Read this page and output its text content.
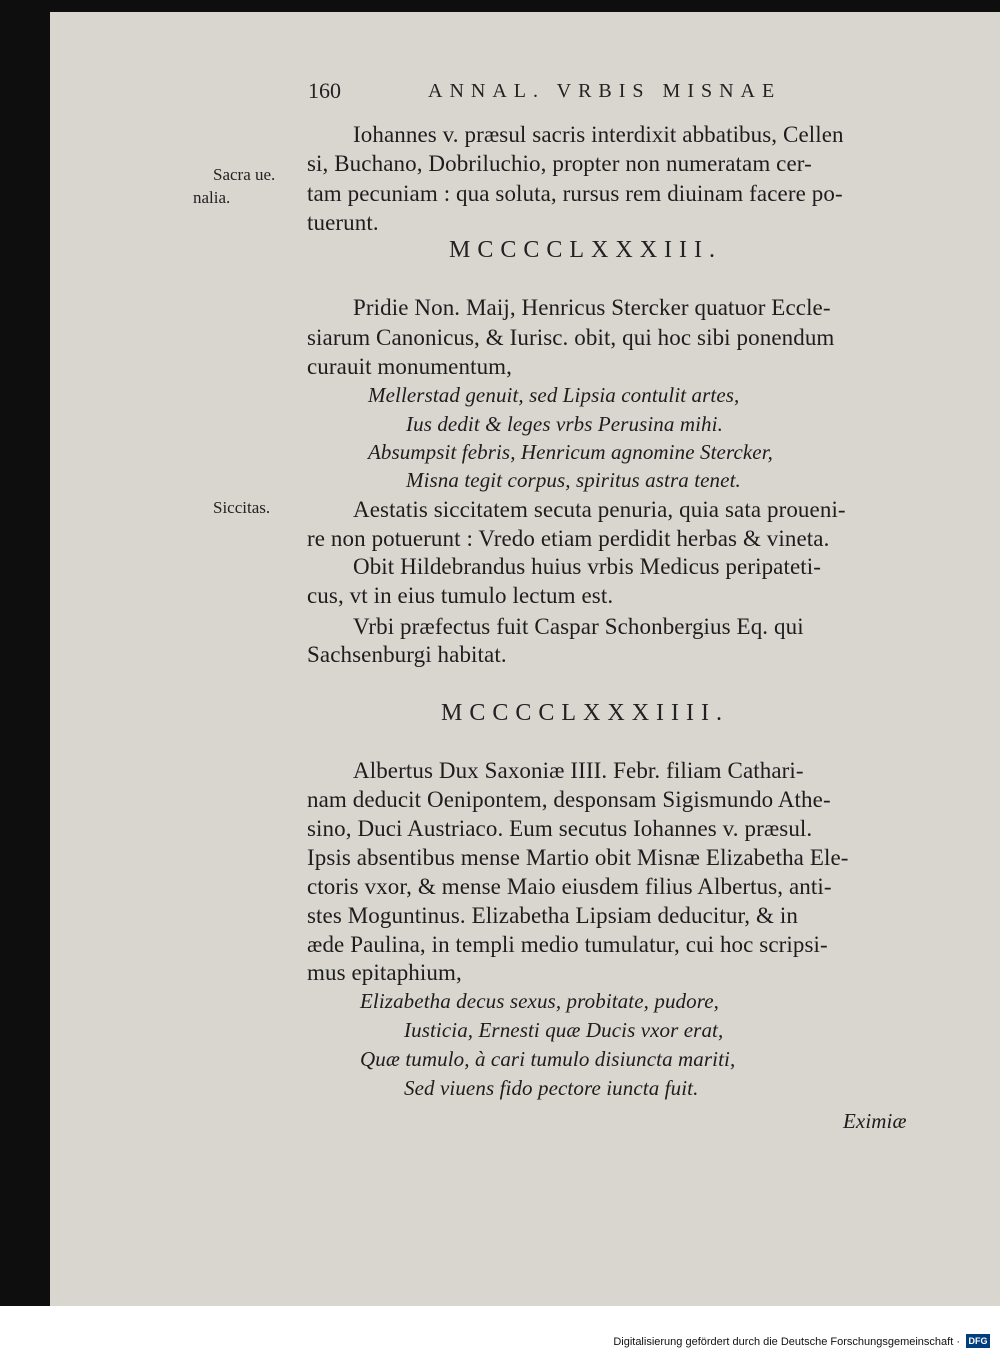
160	ANNAL. VRBIS MISNAE
Sacra ue.
nalia.
Siccitas.
Iohannes v. præsul sacris interdixit abbatibus, Cellen
si, Buchano, Dobriluchio, propter non numeratam cer-
tam pecuniam : qua soluta, rursus rem diuinam facere po-
tuerunt.
MCCCCLXXXIII.
Pridie Non. Maij, Henricus Stercker quatuor Eccle-
siarum Canonicus, & Iurisc. obit, qui hoc sibi ponendum
curauit monumentum,
Mellerstad genuit, sed Lipsia contulit artes,
Ius dedit & leges vrbs Perusina mihi.
Absumpsit febris, Henricum agnomine Stercker,
Misna tegit corpus, spiritus astra tenet.
Aestatis siccitatem secuta penuria, quia sata proueni-
re non potuerunt : Vredo etiam perdidit herbas & vineta.
Obit Hildebrandus huius vrbis Medicus peripateti-
cus, vt in eius tumulo lectum est.
Vrbi præfectus fuit Caspar Schonbergius Eq. qui
Sachsenburgi habitat.
MCCCCLXXXIIII.
Albertus Dux Saxoniæ IIII. Febr. filiam Cathari-
nam deducit Oenipontem, desponsam Sigismundo Athe-
sino, Duci Austriaco. Eum secutus Iohannes v. præsul.
Ipsis absentibus mense Martio obit Misnæ Elizabetha Ele-
ctoris vxor, & mense Maio eiusdem filius Albertus, anti-
stes Moguntinus. Elizabetha Lipsiam deducitur, & in
æde Paulina, in templi medio tumulatur, cui hoc scripsi-
mus epitaphium,
Elizabetha decus sexus, probitate, pudore,
Iusticia, Ernesti quæ Ducis vxor erat,
Quæ tumulo, à cari tumulo disiuncta mariti,
Sed viuens fido pectore iuncta fuit.
Eximiæ
Digitalisierung gefördert durch die Deutsche Forschungsgemeinschaft · DFG
